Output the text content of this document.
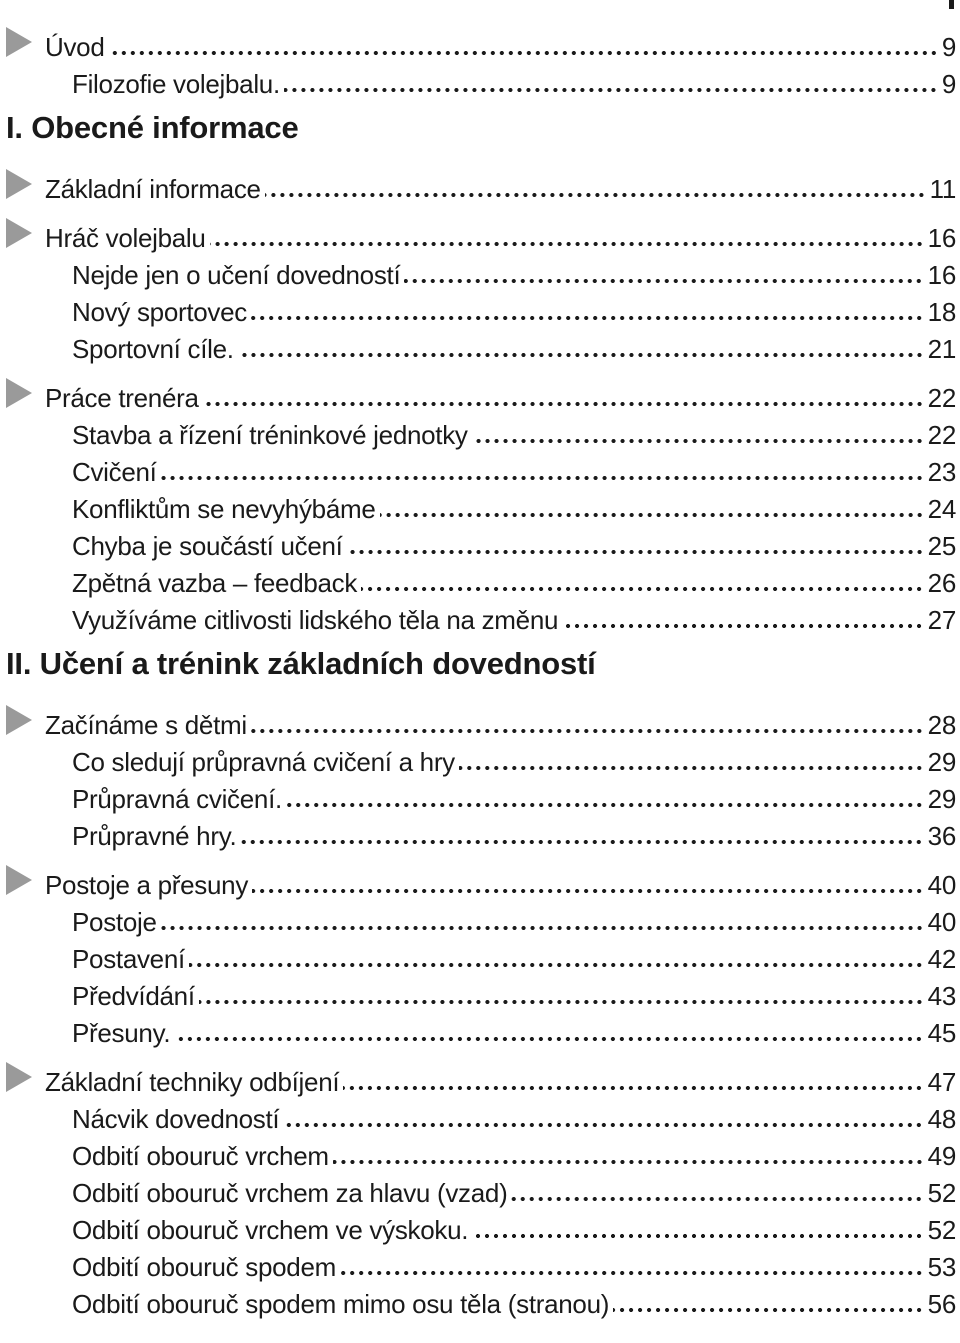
Úvod	9
Filozofie volejbalu.	9
I. Obecné informace
Základní informace	11
Hráč volejbalu	16
Nejde jen o učení dovedností	16
Nový sportovec	18
Sportovní cíle.	21
Práce trenéra	22
Stavba a řízení tréninkové jednotky	22
Cvičení	23
Konfliktům se nevyhýbáme	24
Chyba je součástí učení	25
Zpětná vazba – feedback	26
Využíváme citlivosti lidského těla na změnu	27
II. Učení a trénink základních dovedností
Začínáme s dětmi	28
Co sledují průpravná cvičení a hry	29
Průpravná cvičení.	29
Průpravné hry.	36
Postoje a přesuny	40
Postoje	40
Postavení	42
Předvídání	43
Přesuny.	45
Základní techniky odbíjení	47
Nácvik dovedností	48
Odbití obouruč vrchem	49
Odbití obouruč vrchem za hlavu (vzad)	52
Odbití obouruč vrchem ve výskoku.	52
Odbití obouruč spodem	53
Odbití obouruč spodem mimo osu těla (stranou)	56
